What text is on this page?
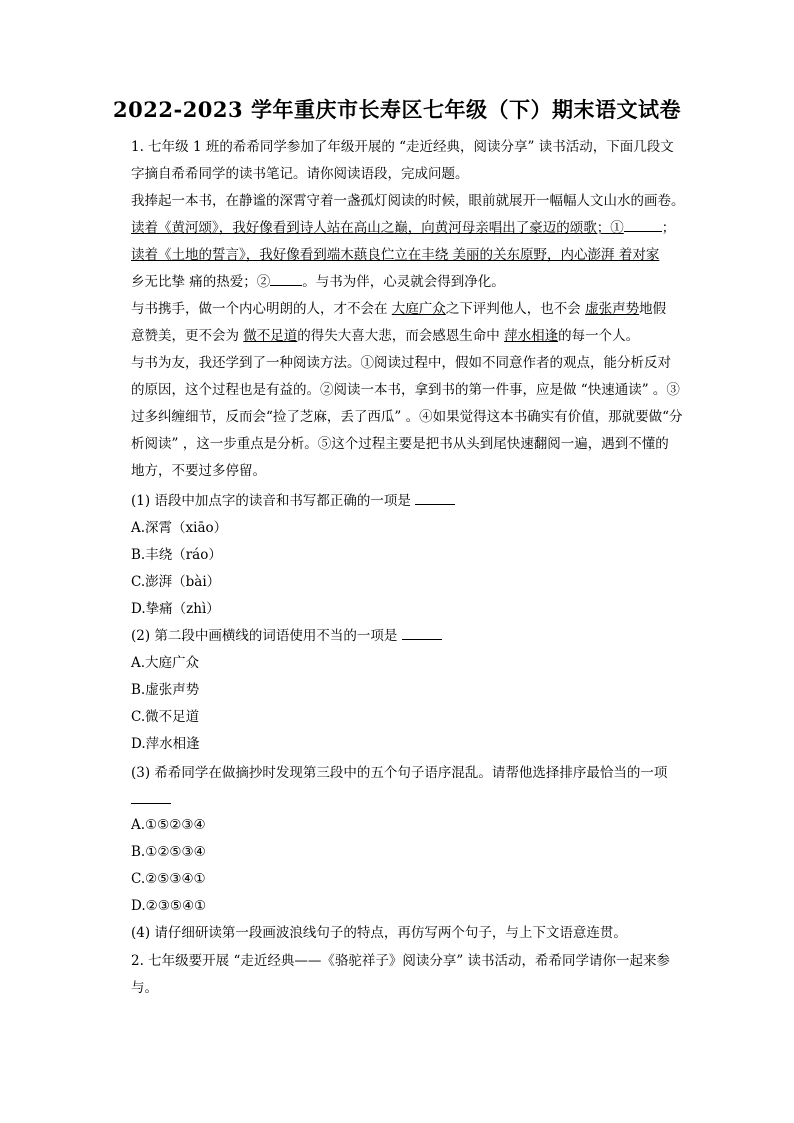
2022-2023 学年重庆市长寿区七年级（下）期末语文试卷
1. 七年级 1 班的希希同学参加了年级开展的 “走近经典，阅读分享” 读书活动，下面几段文
字摘自希希同学的读书笔记。请你阅读语段，完成问题。
我捧起一本书，在静谧的深霄守着一盏孤灯阅读的时候，眼前就展开一幅幅人文山水的画卷。
读着《黄河颂》，我好像看到诗人站在高山之巅，向黄河母亲唱出了豪迈的颂歌；①	；
读着《土地的誓言》，我好像看到端木蕻良伫立在丰绕 美丽的关东原野，内心澎湃 着对家
乡无比挚 痛的热爱；② 。与书为伴，心灵就会得到净化。
与书携手，做一个内心明朗的人，才不会在 大庭广众之下评判他人，也不会 虚张声势地假
意赞美，更不会为 微不足道的得失大喜大悲，而会感恩生命中 萍水相逢的每一个人。
与书为友，我还学到了一种阅读方法。①阅读过程中，假如不同意作者的观点，能分析反对
的原因，这个过程也是有益的。②阅读一本书，拿到书的第一件事，应是做 “快速通读” 。③
过多纠缠细节，反而会“捡了芝麻，丢了西瓜” 。④如果觉得这本书确实有价值，那就要做“分
析阅读” ，这一步重点是分析。⑤这个过程主要是把书从头到尾快速翻阅一遍，遇到不懂的
地方，不要过多停留。
(1) 语段中加点字的读音和书写都正确的一项是
A.深霄（xiāo）
B.丰绕（ráo）
C.澎湃（bài）
D.挚痛（zhì）
(2) 第二段中画横线的词语使用不当的一项是
A.大庭广众
B.虚张声势
C.微不足道
D.萍水相逢
(3) 希希同学在做摘抄时发现第三段中的五个句子语序混乱。请帮他选择排序最恰当的一项
A.①⑤②③④
B.①②⑤③④
C.②⑤③④①
D.②③⑤④①
(4) 请仔细研读第一段画波浪线句子的特点，再仿写两个句子，与上下文语意连贯。
2. 七年级要开展 “走近经典——《骆驼祥子》阅读分享” 读书活动，希希同学请你一起来参
与。
